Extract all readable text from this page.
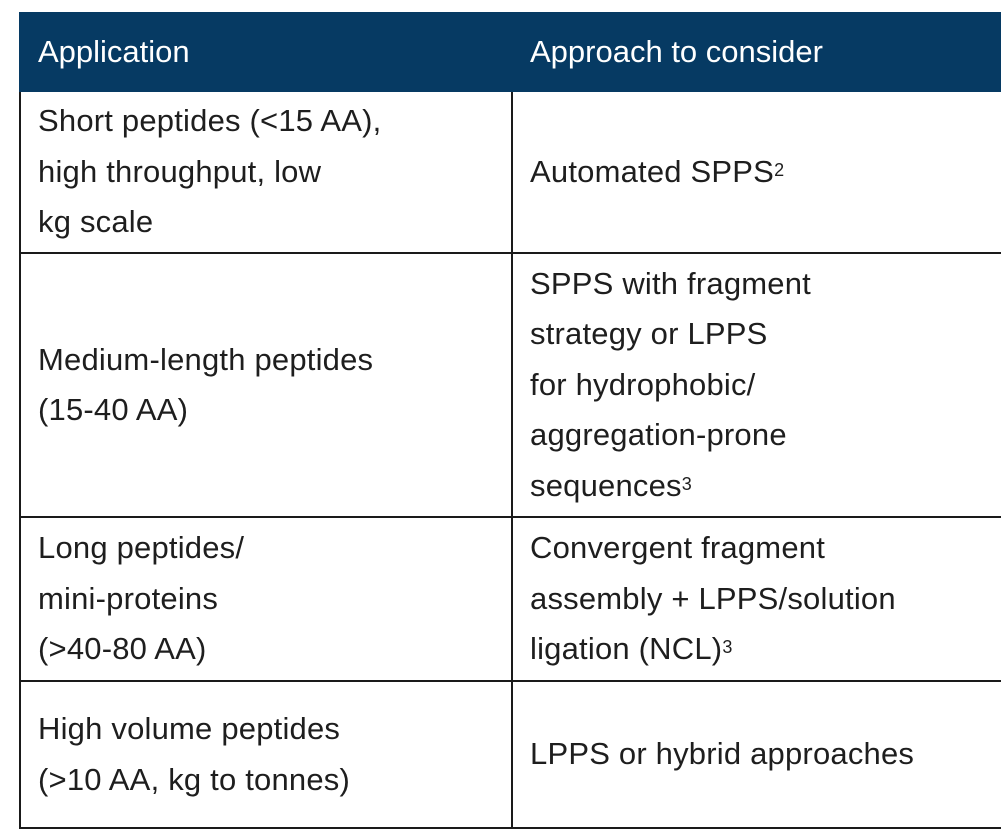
Application	Approach to consider
Short peptides (<15 AA),
high throughput, low
kg scale
Automated SPPS$^2$
Medium-length peptides
(15-40 AA)
SPPS with fragment
strategy or LPPS
for hydrophobic/
aggregation-prone
sequences$^3$
Long peptides/
mini-proteins
(>40-80 AA)
Convergent fragment
assembly + LPPS/solution
ligation (NCL)$^3$
High volume peptides
(>10 AA, kg to tonnes)
LPPS or hybrid approaches
